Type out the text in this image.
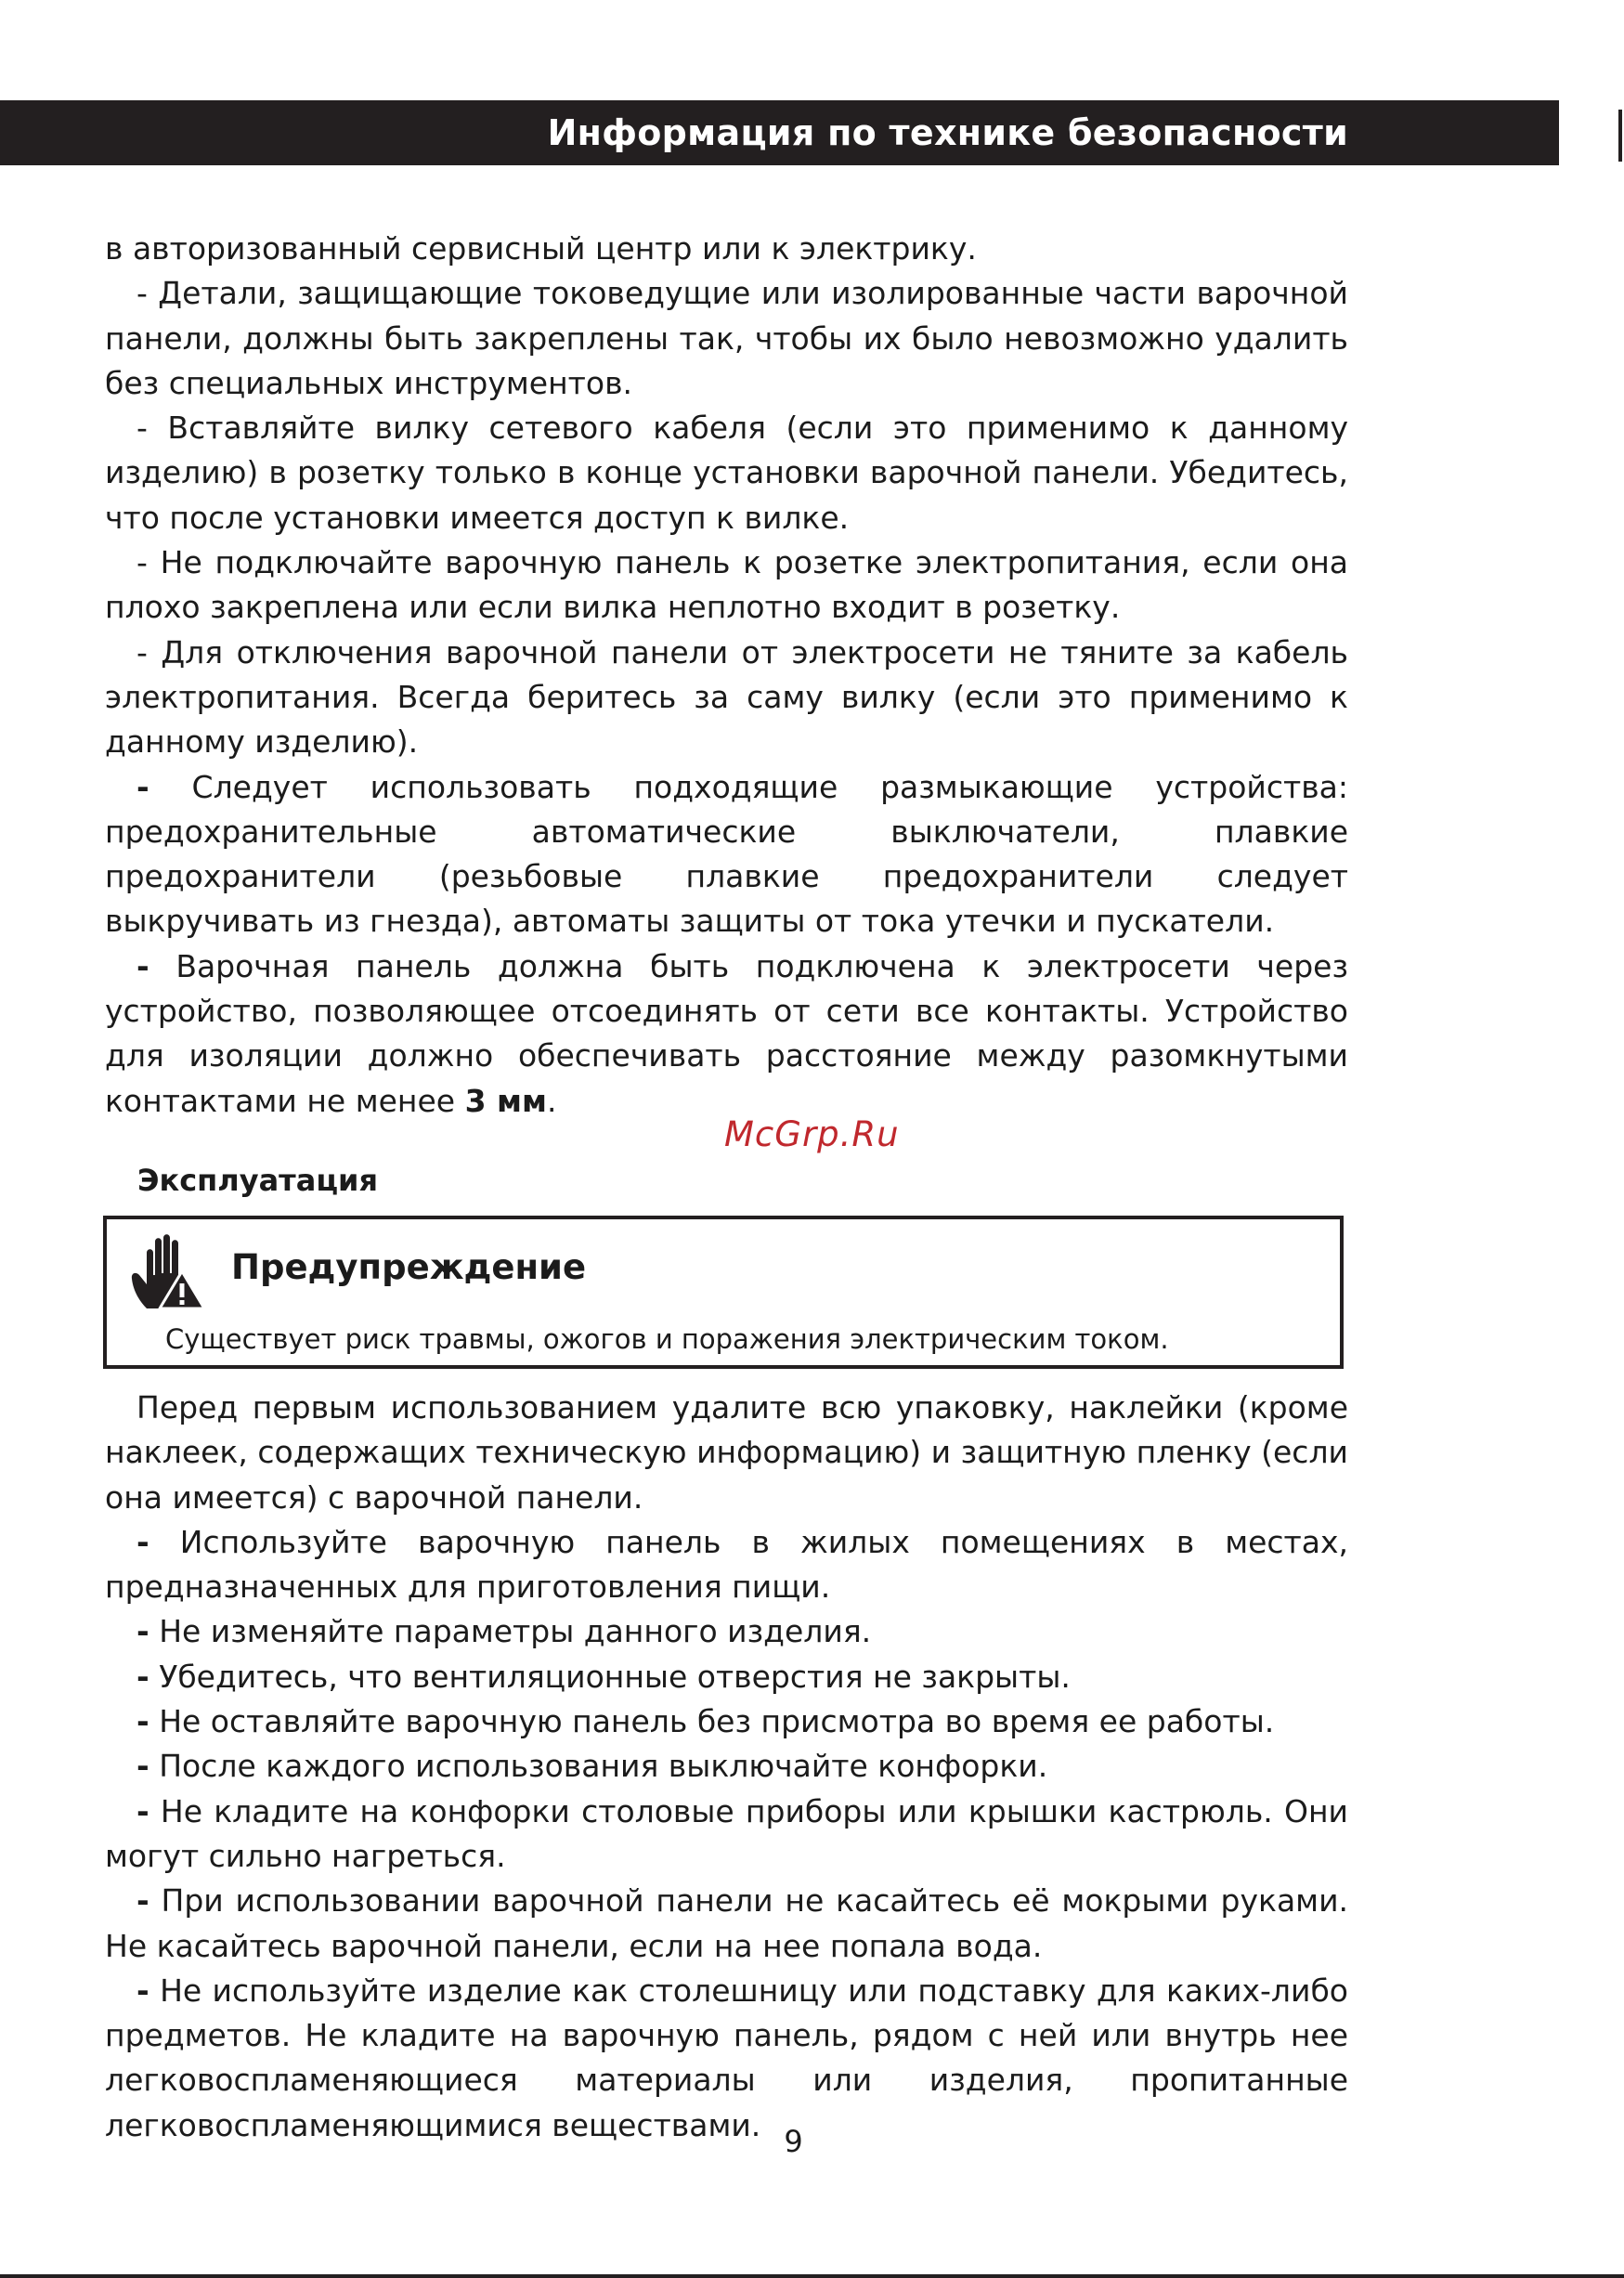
Информация по технике безопасности

в авторизованный сервисный центр или к электрику.

- Детали, защищающие токоведущие или изолированные части варочной панели, должны быть закреплены так, чтобы их было невозможно удалить без специальных инструментов.

- Вставляйте вилку сетевого кабеля (если это применимо к данному изделию) в розетку только в конце установки варочной панели. Убедитесь, что после установки имеется доступ к вилке.

- Не подключайте варочную панель к розетке электропитания, если она плохо закреплена или если вилка неплотно входит в розетку.

- Для отключения варочной панели от электросети не тяните за кабель электропитания. Всегда беритесь за саму вилку (если это применимо к данному изделию).

- Следует использовать подходящие размыкающие устройства: предохранительные автоматические выключатели, плавкие предохранители (резьбовые плавкие предохранители следует выкручивать из гнезда), автоматы защиты от тока утечки и пускатели.

- Варочная панель должна быть подключена к электросети через устройство, позволяющее отсоединять от сети все контакты. Устройство для изоляции должно обеспечивать расстояние между разомкнутыми контактами не менее 3 мм.

McGrp.Ru
Эксплуатация
Предупреждение
Существует риск травмы, ожогов и поражения электрическим током.

Перед первым использованием удалите всю упаковку, наклейки (кроме наклеек, содержащих техническую информацию) и защитную пленку (если она имеется) с варочной панели.

- Используйте варочную панель в жилых помещениях в местах, предназначенных для приготовления пищи.

- Не изменяйте параметры данного изделия.

- Убедитесь, что вентиляционные отверстия не закрыты.

- Не оставляйте варочную панель без присмотра во время ее работы.

- После каждого использования выключайте конфорки.

- Не кладите на конфорки столовые приборы или крышки кастрюль. Они могут сильно нагреться.

- При использовании варочной панели не касайтесь её мокрыми руками. Не касайтесь варочной панели, если на нее попала вода.

- Не используйте изделие как столешницу или подставку для каких-либо предметов. Не кладите на варочную панель, рядом с ней или внутрь нее легковоспламеняющиеся материалы или изделия, пропитанные легковоспламеняющимися веществами. 9
